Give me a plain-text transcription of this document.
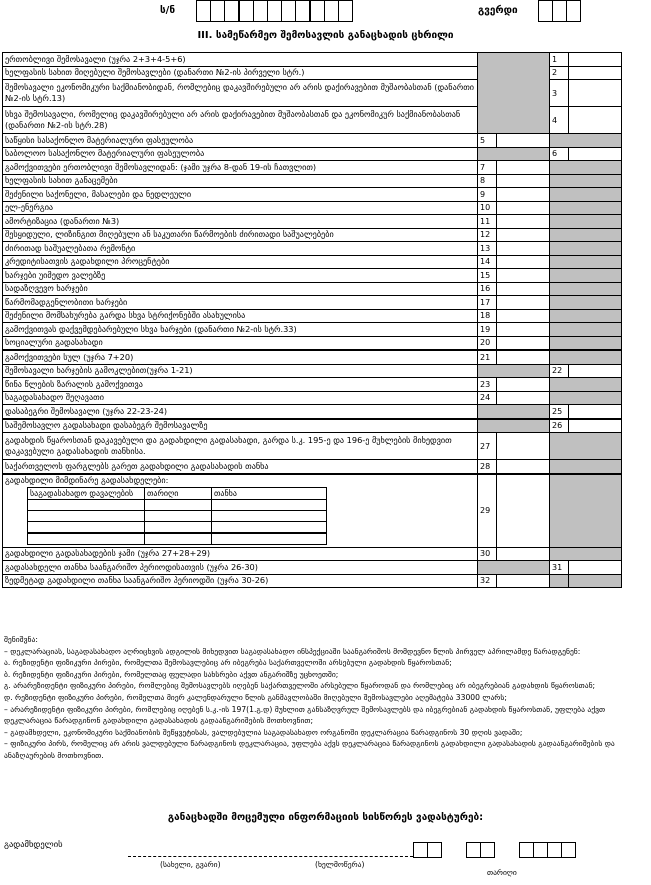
ს/ნ	გვერდი
III. სამეწარმეო შემოსავლის განაცხადის ცხრილი
ერთობლივი შემოსავალი (უჯრა 2+3+4-5+6)		1	
ხელფასის სახით მიღებული შემოსავლები (დანართი №2-ის პირველი სტრ.)	2	
შემოსავალი ეკონომიკური საქმიანობიდან, რომლებიც დაკავშირებული არ არის დაქირავებით მუშაობასთან (დანართი №2-ის სტრ.13)	3	
სხვა შემოსავალი, რომელიც დაკავშირებული არ არის დაქირავებით მუშაობასთან და ეკონომიკურ საქმიანობასთან (დანართი №2-ის სტრ.28)	4	
საწყისი სასაქონლო მატერიალური ფასეულობა	5		
საბოლოო სასაქონლო მატერიალური ფასეულობა		6	
გამოქვითვები ერთობლივი შემოსავლიდან: (ჯამი უჯრა 8-დან 19-ის ჩათვლით)	7		
ხელფასის სახით განაცემები	8		
შეძენილი საქონელი, მასალები და ნედლეული	9		
ელ-ენერგია	10		
ამორტიზაცია (დანართი №3)	11		
შესყიდული, ლიზინგით მიღებული ან საკუთარი წარმოების ძირითადი საშუალებები	12		
ძირითად საშუალებათა რემონტი	13		
კრედიტისათვის გადახდილი პროცენტები	14		
ხარჯები უიმედო ვალებზე	15		
სადაზღვევო ხარჯები	16		
წარმომადგენლობითი ხარჯები	17		
შეძენილი მომსახურება გარდა სხვა სტრიქონებში ასახულისა	18		
გამოქვითვას დაქვემდებარებული სხვა ხარჯები (დანართი №2-ის სტრ.33)	19		
სოციალური გადასახადი	20		
გამოქვითვები სულ (უჯრა 7+20)	21		
შემოსავალი ხარჯების გამოკლებით(უჯრა 1-21)		22	
წინა წლების ზარალის გამოქვითვა	23		
საგადასახადო შეღავათი	24		
დასაბეგრი შემოსავალი (უჯრა 22-23-24)		25	
საშემოსავლო გადასახადი დასაბეგრ შემოსავალზე		26	
გადახდის წყაროსთან დაკავებული და გადახდილი გადასახადი, გარდა ს.კ. 195-ე და 196-ე მუხლების მიხედვით დაკავებული გადასახადის თანხისა.	27		
საქართველოს ფარგლებს გარეთ გადახდილი გადასახადის თანხა	28		
გადახდილი მიმდინარე გადასახდელები:
საგადასახადო დავალების	თარიღი	თანხა

	29		
გადახდილი გადასახადების ჯამი (უჯრა 27+28+29)	30		
გადასახდელი თანხა საანგარიშო პერიოდისათვის (უჯრა 26-30)		31	
ზედმეტად გადახდილი თანხა საანგარიშო პერიოდში (უჯრა 30-26)	32			

შენიშვნა:

– დეკლარაციას, საგადასახადო აღრიცხვის ადგილის მიხედვით საგადასახადო ინსპექციაში საანგარიშოს მომდევნო წლის პირველ აპრილამდე წარადგენენ:

ა. რეზიდენტი ფიზიკური პირები, რომელთა შემოსავლებიც არ იბეგრება საქართველოში არსებული გადახდის წყაროსთან;

ბ. რეზიდენტი ფიზიკური პირები, რომელთაც ფულადი სახსრები აქვთ ანგარიშზე უცხოეთში;

გ. არარეზიდენტი ფიზიკური პირები, რომლებიც შემოსავლებს იღებენ საქართველოში არსებული წყაროდან და რომლებიც არ იბეგრებიან გადახდის წყაროსთან;

დ. რეზიდენტი ფიზიკური პირები, რომელთა მიერ კალენდარული წლის განმავლობაში მიღებული შემოსავლები აღემატება 33000 ლარს;

– არარეზიდენტი ფიზიკური პირები, რომლებიც იღებენ ს.კ.-ის 197(1.გ.დ) მუხლით განსაზღვრულ შემოსავლებს და იბეგრებიან გადახდის წყაროსთან, უფლება აქვთ დეკლარაცია წარადგინონ გადახდილი გადასახადის გადაანგარიშების მოთხოვნით;

– გადამხდელი, ეკონომიკური საქმიანობის შეწყვეტისას, ვალდებულია საგადასახადო ორგანოში დეკლარაცია წარადგინოს 30 დღის ვადაში;

– ფიზიკური პირს, რომელიც არ არის ვალდებული წარადგინოს დეკლარაცია, უფლება აქვს დეკლარაცია წარადგინოს გადახდილი გადასახადის გადაანგარიშების და ანაზღაურების მოთხოვნით.

განაცხადში მოცემული ინფორმაციის სისწორეს ვადასტურებ:
გადამხდელის
(სახელი, გვარი)	(ხელმოწერა)
თარიღი
